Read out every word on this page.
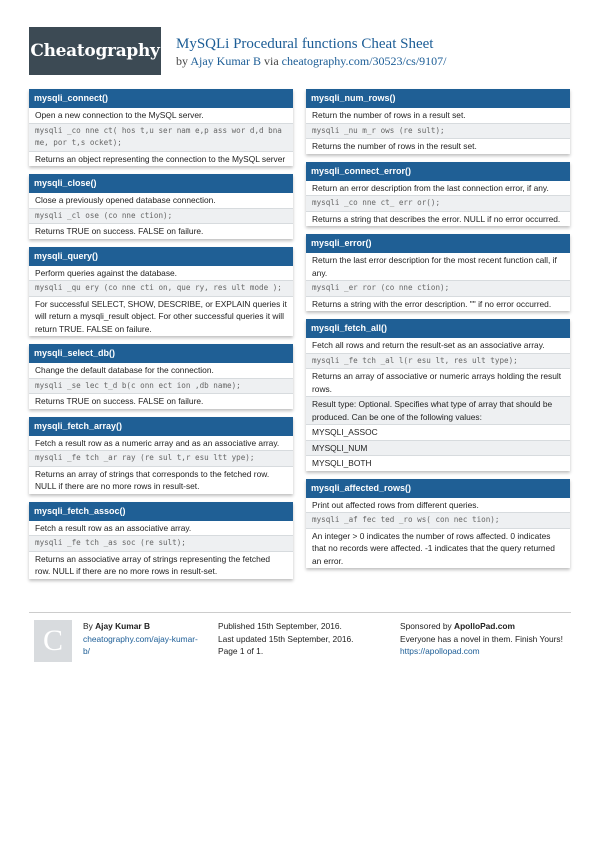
Cheatography MySQLi Procedural functions Cheat Sheet
by Ajay Kumar B via cheatography.com/30523/cs/9107/
mysqli_connect()
Open a new connection to the MySQL server.
mysqli _co nne ct( hos t,u ser nam e,p ass wor d,d bna me, por t,s ocket);
Returns an object representing the connection to the MySQL server
mysqli_close()
Close a previously opened database connection.
mysqli _cl ose (co nne ction);
Returns TRUE on success. FALSE on failure.
mysqli_query()
Perform queries against the database.
mysqli _qu ery (co nne cti on, que ry, res ult mode );
For successful SELECT, SHOW, DESCRIBE, or EXPLAIN queries it will return a mysqli_result object. For other successful queries it will return TRUE. FALSE on failure.
mysqli_select_db()
Change the default database for the connection.
mysqli _se lec t_d b(c onn ect ion ,db name);
Returns TRUE on success. FALSE on failure.
mysqli_fetch_array()
Fetch a result row as a numeric array and as an associative array.
mysqli _fe tch _ar ray (re sul t,r esu ltt ype);
Returns an array of strings that corresponds to the fetched row. NULL if there are no more rows in result-set.
mysqli_fetch_assoc()
Fetch a result row as an associative array.
mysqli _fe tch _as soc (re sult);
Returns an associative array of strings representing the fetched row. NULL if there are no more rows in result-set.
mysqli_num_rows()
Return the number of rows in a result set.
mysqli _nu m_r ows (re sult);
Returns the number of rows in the result set.
mysqli_connect_error()
Return an error description from the last connection error, if any.
mysqli _co nne ct_ err or();
Returns a string that describes the error. NULL if no error occurred.
mysqli_error()
Return the last error description for the most recent function call, if any.
mysqli _er ror (co nne ction);
Returns a string with the error description. "" if no error occurred.
mysqli_fetch_all()
Fetch all rows and return the result-set as an associative array.
mysqli _fe tch _al l(r esu lt, res ult type);
Returns an array of associative or numeric arrays holding the result rows.
Result type: Optional. Specifies what type of array that should be produced. Can be one of the following values:
MYSQLI_ASSOC
MYSQLI_NUM
MYSQLI_BOTH
mysqli_affected_rows()
Print out affected rows from different queries.
mysqli _af fec ted _ro ws( con nec tion);
An integer > 0 indicates the number of rows affected. 0 indicates that no records were affected. -1 indicates that the query returned an error.
C	By Ajay Kumar B
cheatography.com/ajay-kumar-b/
Published 15th September, 2016.
Last updated 15th September, 2016.
Page 1 of 1.
Sponsored by ApolloPad.com
Everyone has a novel in them. Finish Yours!
https://apollopad.com
